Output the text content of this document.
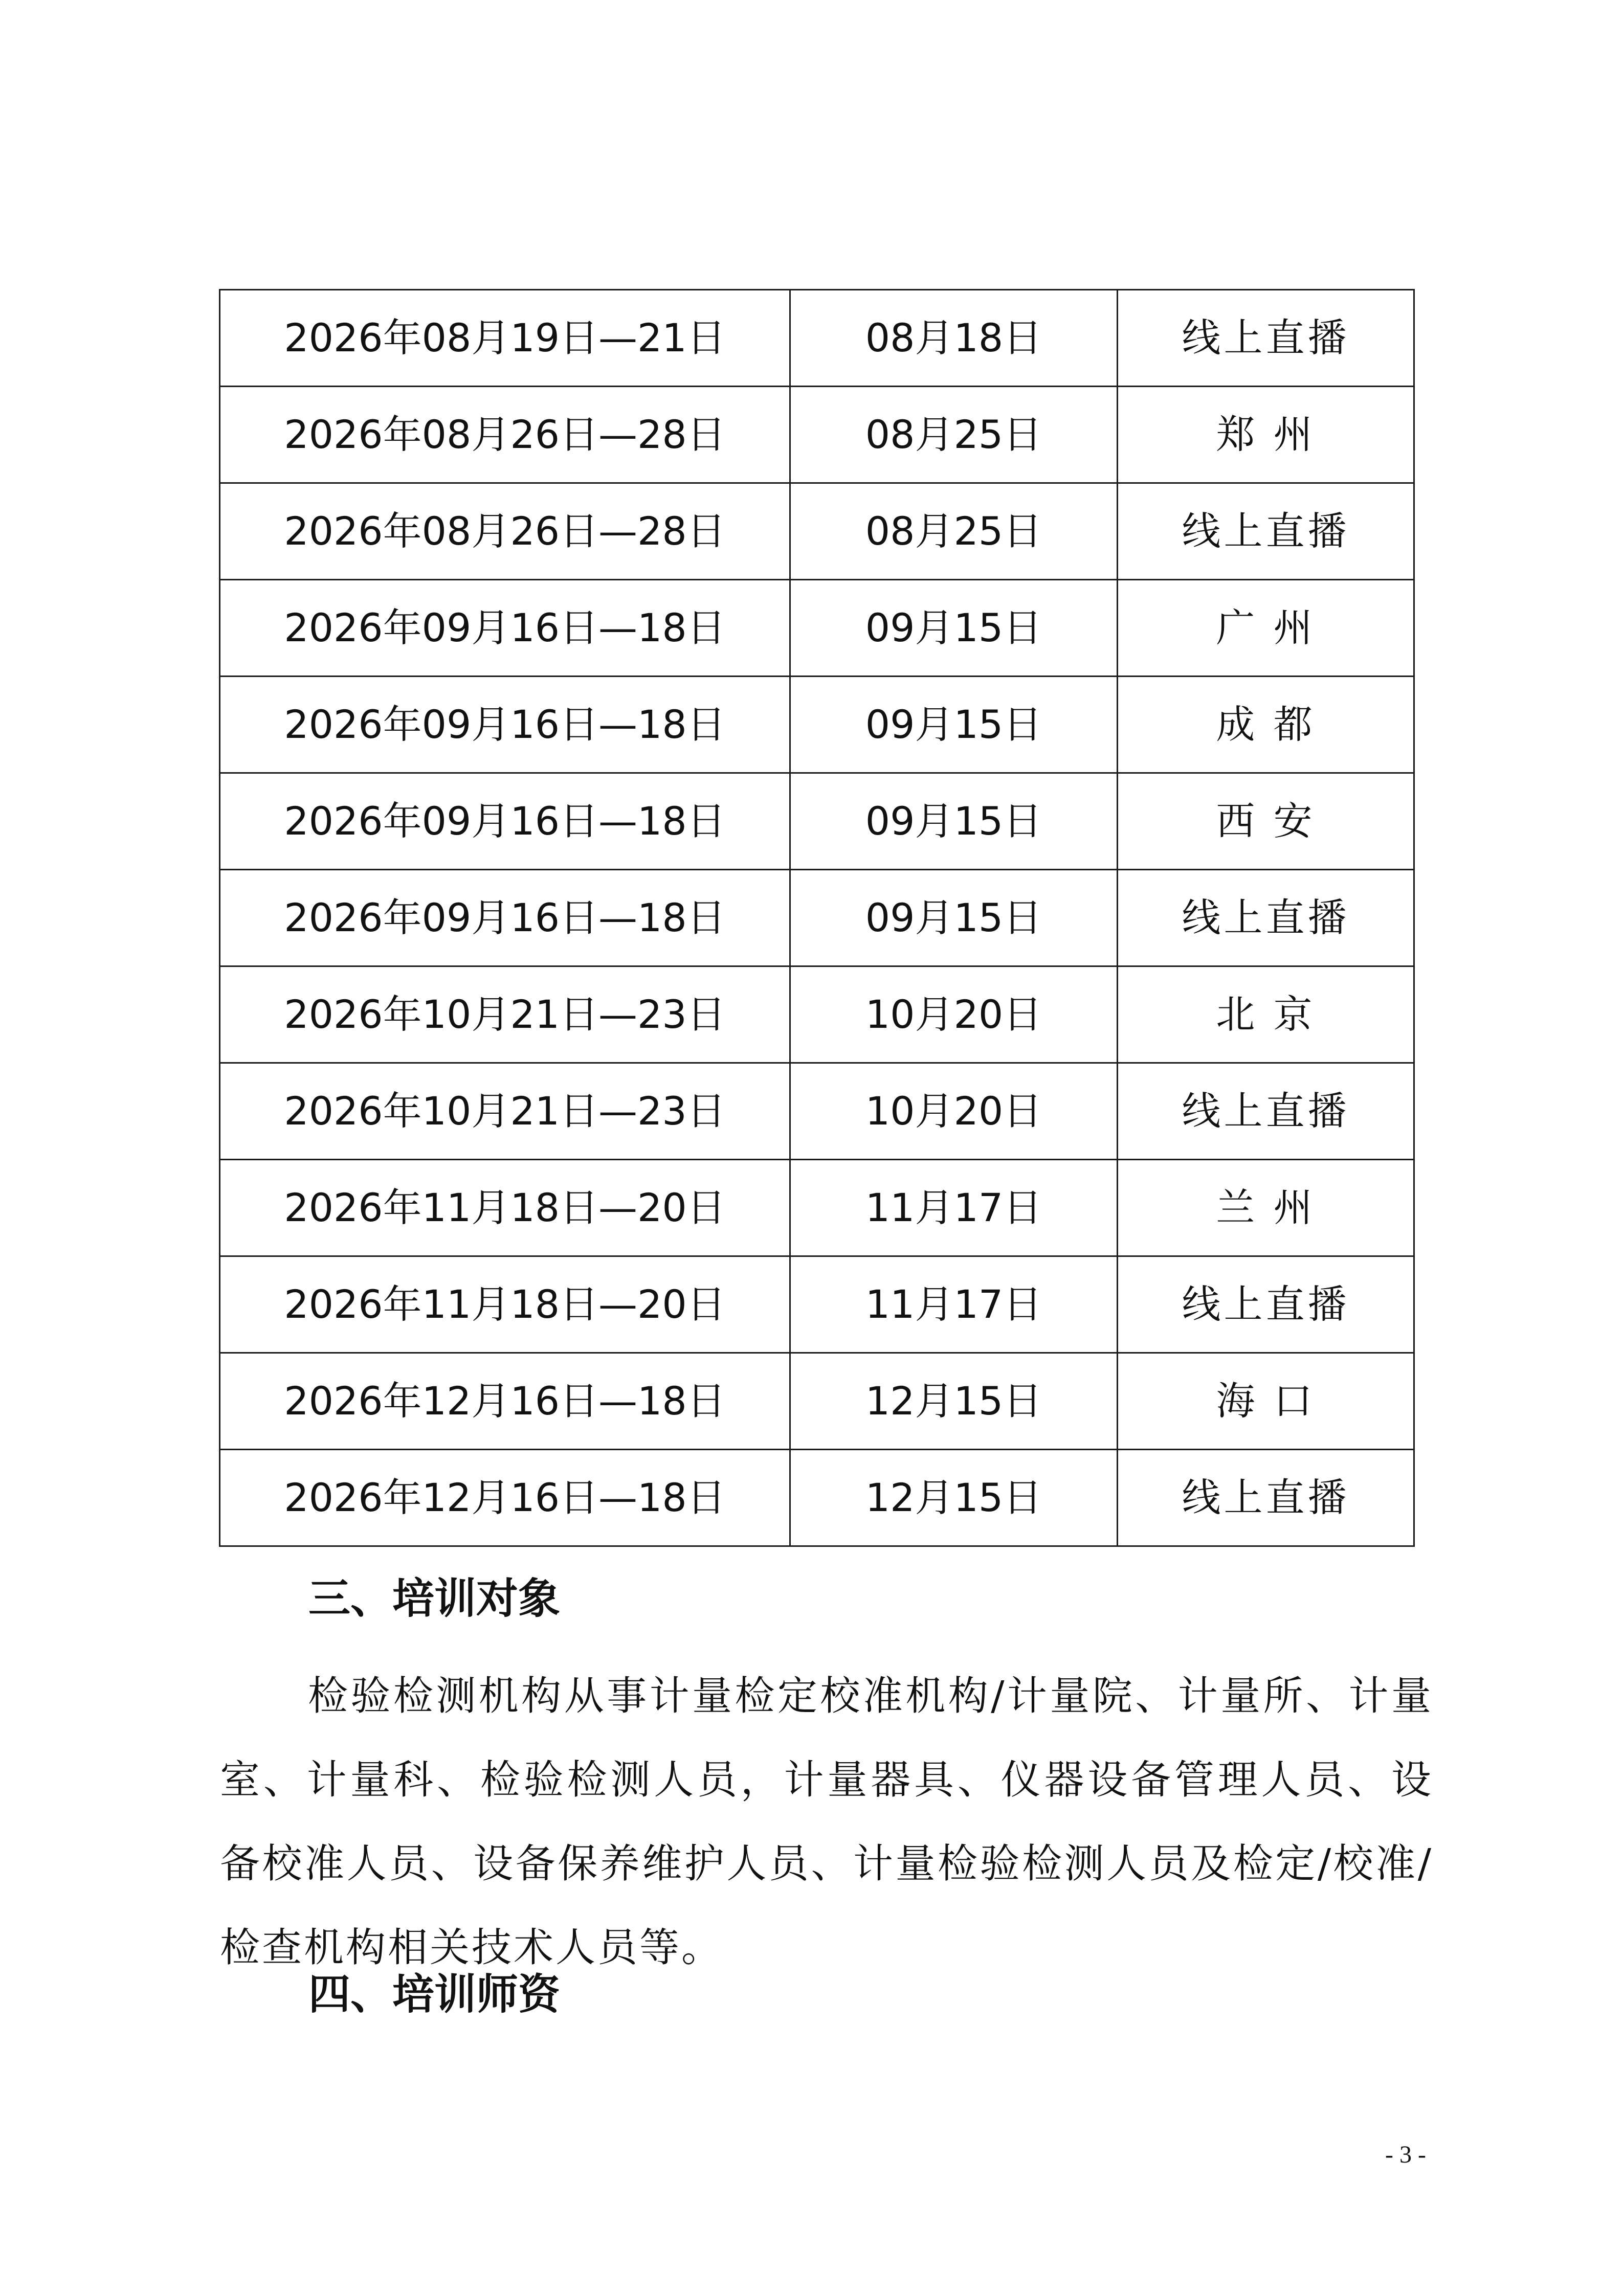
2026年08月19日—21日	08月18日	线上直播
2026年08月26日—28日	08月25日	郑 州
2026年08月26日—28日	08月25日	线上直播
2026年09月16日—18日	09月15日	广 州
2026年09月16日—18日	09月15日	成 都
2026年09月16日—18日	09月15日	西 安
2026年09月16日—18日	09月15日	线上直播
2026年10月21日—23日	10月20日	北 京
2026年10月21日—23日	10月20日	线上直播
2026年11月18日—20日	11月17日	兰 州
2026年11月18日—20日	11月17日	线上直播
2026年12月16日—18日	12月15日	海 口
2026年12月16日—18日	12月15日	线上直播
三、培训对象

检验检测机构从事计量检定校准机构/计量院、计量所、计量室、计量科、检验检测人员，计量器具、仪器设备管理人员、设备校准人员、设备保养维护人员、计量检验检测人员及检定/校准/检查机构相关技术人员等。

四、培训师资
- 3 -
